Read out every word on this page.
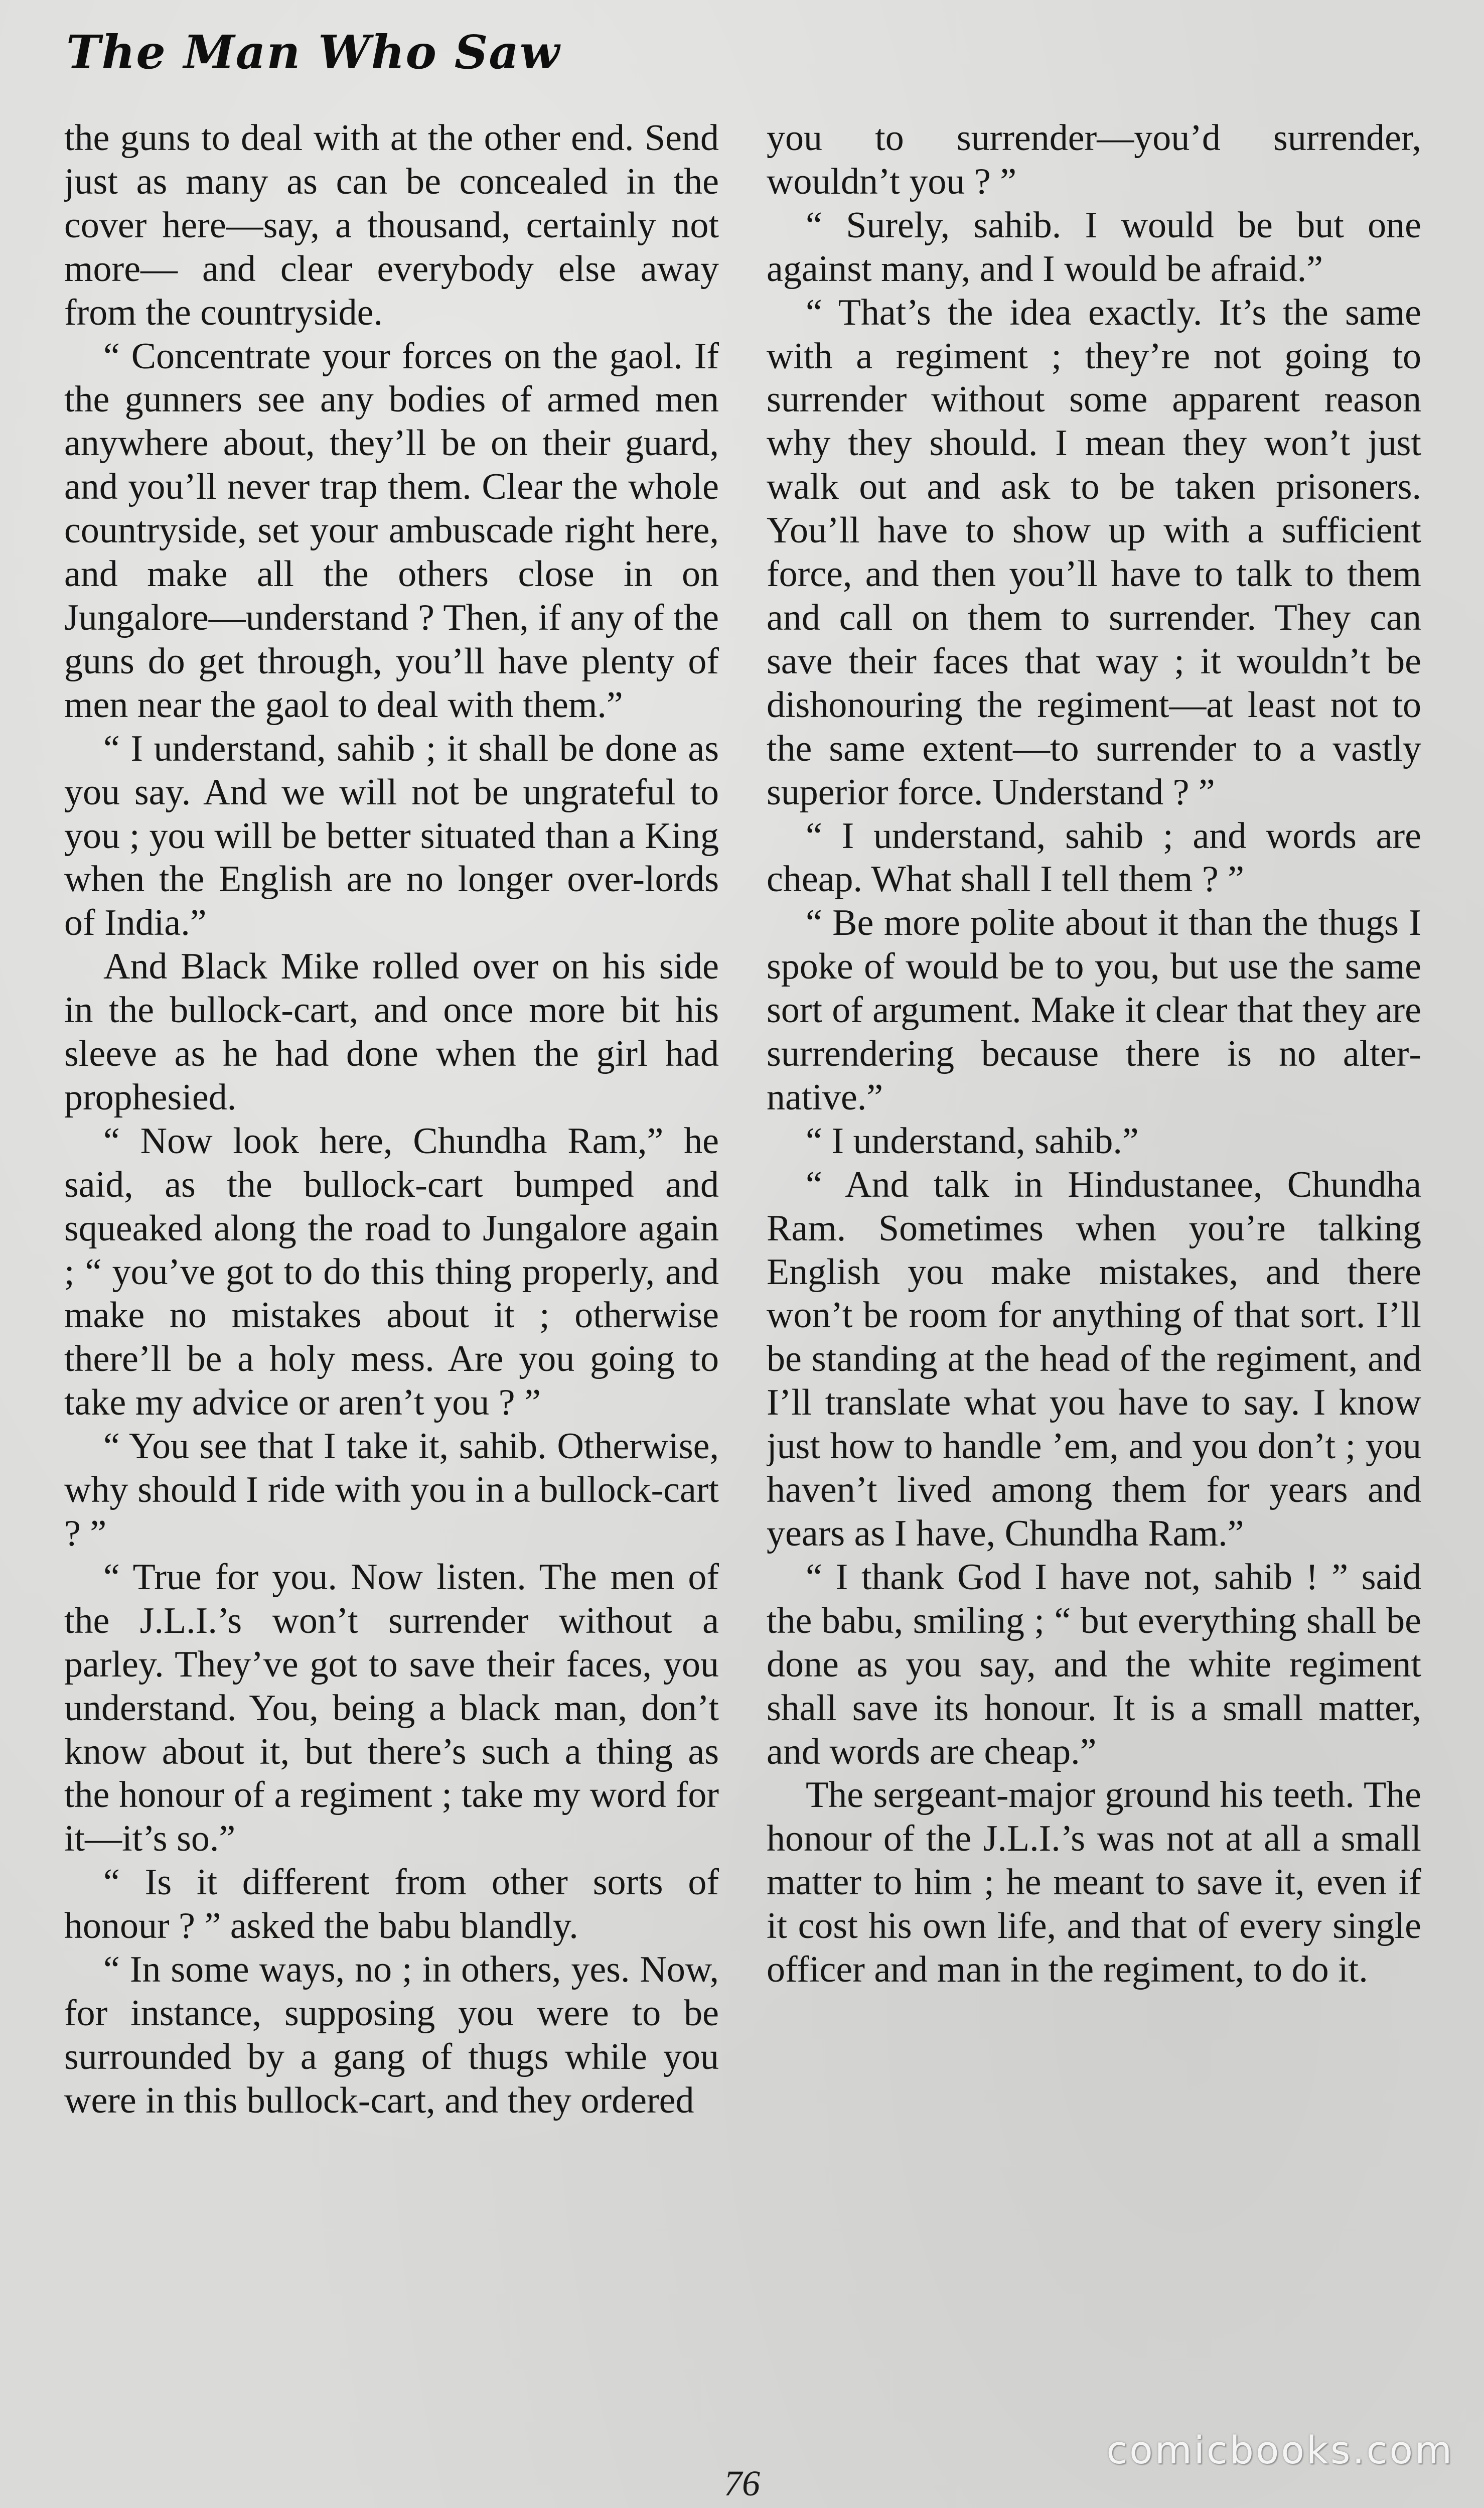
The Man Who Saw

the guns to deal with at the other end. Send just as many as can be concealed in the cover here—say, a thousand, certainly not more— and clear everybody else away from the countryside.

“ Concentrate your forces on the gaol. If the gunners see any bodies of armed men anywhere about, they’ll be on their guard, and you’ll never trap them. Clear the whole countryside, set your ambuscade right here, and make all the others close in on Jungalore—understand ? Then, if any of the guns do get through, you’ll have plenty of men near the gaol to deal with them.”

“ I understand, sahib ; it shall be done as you say. And we will not be ungrateful to you ; you will be better situated than a King when the English are no longer over-lords of India.”

And Black Mike rolled over on his side in the bullock-cart, and once more bit his sleeve as he had done when the girl had prophesied.

“ Now look here, Chundha Ram,” he said, as the bullock-cart bumped and squeaked along the road to Jungalore again ; “ you’ve got to do this thing properly, and make no mistakes about it ; otherwise there’ll be a holy mess. Are you going to take my advice or aren’t you ? ”

“ You see that I take it, sahib. Otherwise, why should I ride with you in a bullock-cart ? ”

“ True for you. Now listen. The men of the J.L.I.’s won’t surrender without a parley. They’ve got to save their faces, you understand. You, being a black man, don’t know about it, but there’s such a thing as the honour of a regiment ; take my word for it—it’s so.”

“ Is it different from other sorts of honour ? ” asked the babu blandly.

“ In some ways, no ; in others, yes. Now, for instance, supposing you were to be surrounded by a gang of thugs while you were in this bullock-cart, and they ordered

you to surrender—you’d surrender, wouldn’t you ? ”

“ Surely, sahib. I would be but one against many, and I would be afraid.”

“ That’s the idea exactly. It’s the same with a regiment ; they’re not going to surrender without some apparent reason why they should. I mean they won’t just walk out and ask to be taken prisoners. You’ll have to show up with a sufficient force, and then you’ll have to talk to them and call on them to surrender. They can save their faces that way ; it wouldn’t be dishonouring the regiment—at least not to the same extent—to surrender to a vastly superior force. Understand ? ”

“ I understand, sahib ; and words are cheap. What shall I tell them ? ”

“ Be more polite about it than the thugs I spoke of would be to you, but use the same sort of argument. Make it clear that they are surrendering because there is no alternative.”

“ I understand, sahib.”

“ And talk in Hindustanee, Chundha Ram. Sometimes when you’re talking English you make mistakes, and there won’t be room for anything of that sort. I’ll be standing at the head of the regiment, and I’ll translate what you have to say. I know just how to handle ’em, and you don’t ; you haven’t lived among them for years and years as I have, Chundha Ram.”

“ I thank God I have not, sahib ! ” said the babu, smiling ; “ but everything shall be done as you say, and the white regiment shall save its honour. It is a small matter, and words are cheap.”

The sergeant-major ground his teeth. The honour of the J.L.I.’s was not at all a small matter to him ; he meant to save it, even if it cost his own life, and that of every single officer and man in the regiment, to do it.

76
comicbooks.com
